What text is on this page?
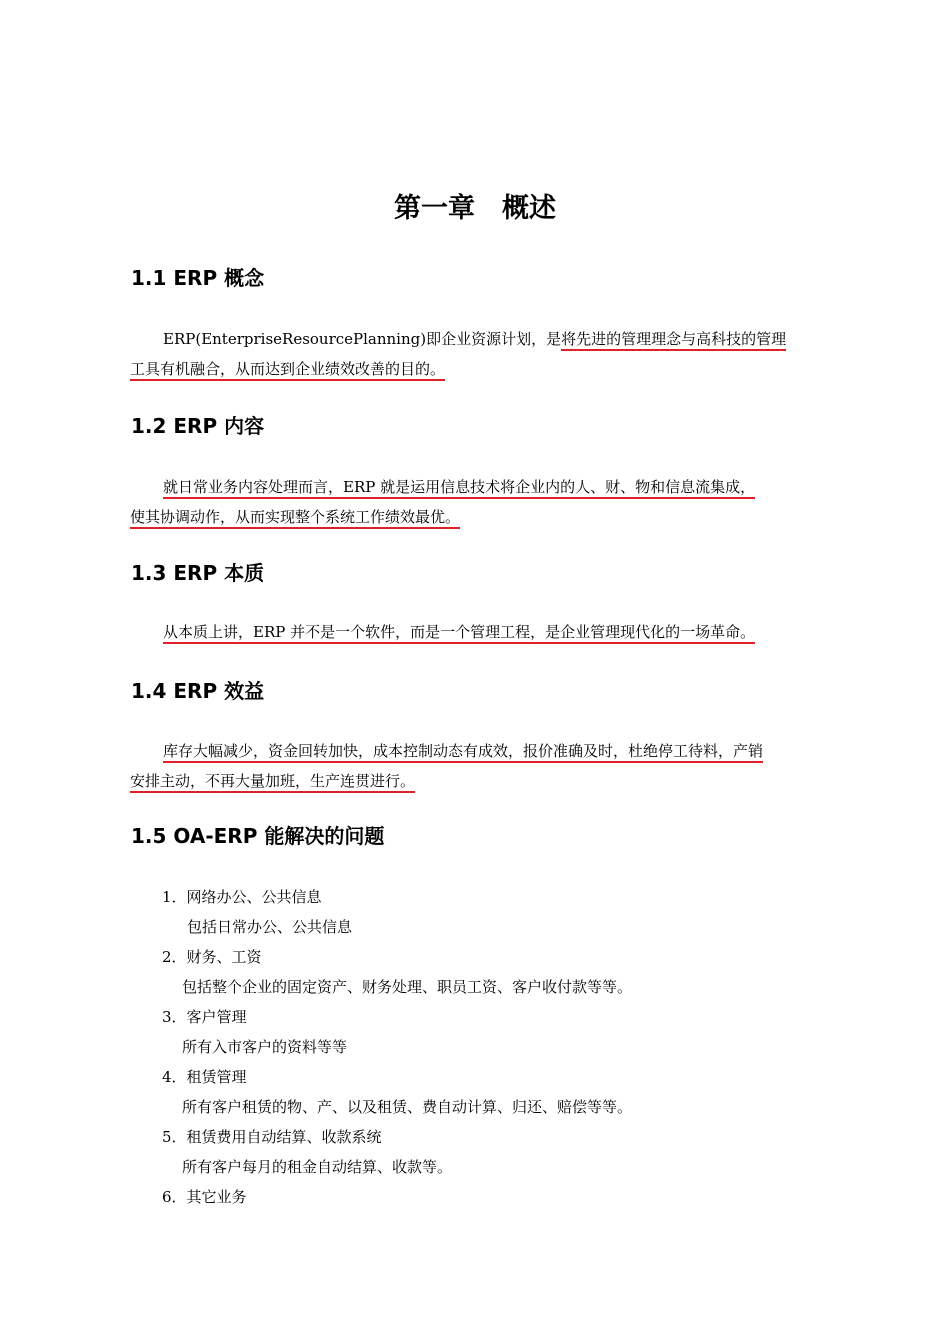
第一章　概述
1.1 ERP 概念
ERP(EnterpriseResourcePlanning)即企业资源计划，是将先进的管理理念与高科技的管理
工具有机融合，从而达到企业绩效改善的目的。
1.2 ERP 内容
就日常业务内容处理而言，ERP 就是运用信息技术将企业内的人、财、物和信息流集成，
使其协调动作，从而实现整个系统工作绩效最优。
1.3 ERP 本质
从本质上讲，ERP 并不是一个软件，而是一个管理工程，是企业管理现代化的一场革命。
1.4 ERP 效益
库存大幅减少，资金回转加快，成本控制动态有成效，报价准确及时，杜绝停工待料，产销
安排主动，不再大量加班，生产连贯进行。
1.5 OA-ERP 能解决的问题
1．网络办公、公共信息
包括日常办公、公共信息
2．财务、工资
包括整个企业的固定资产、财务处理、职员工资、客户收付款等等。
3．客户管理
所有入市客户的资料等等
4．租赁管理
所有客户租赁的物、产、以及租赁、费自动计算、归还、赔偿等等。
5．租赁费用自动结算、收款系统
所有客户每月的租金自动结算、收款等。
6．其它业务
